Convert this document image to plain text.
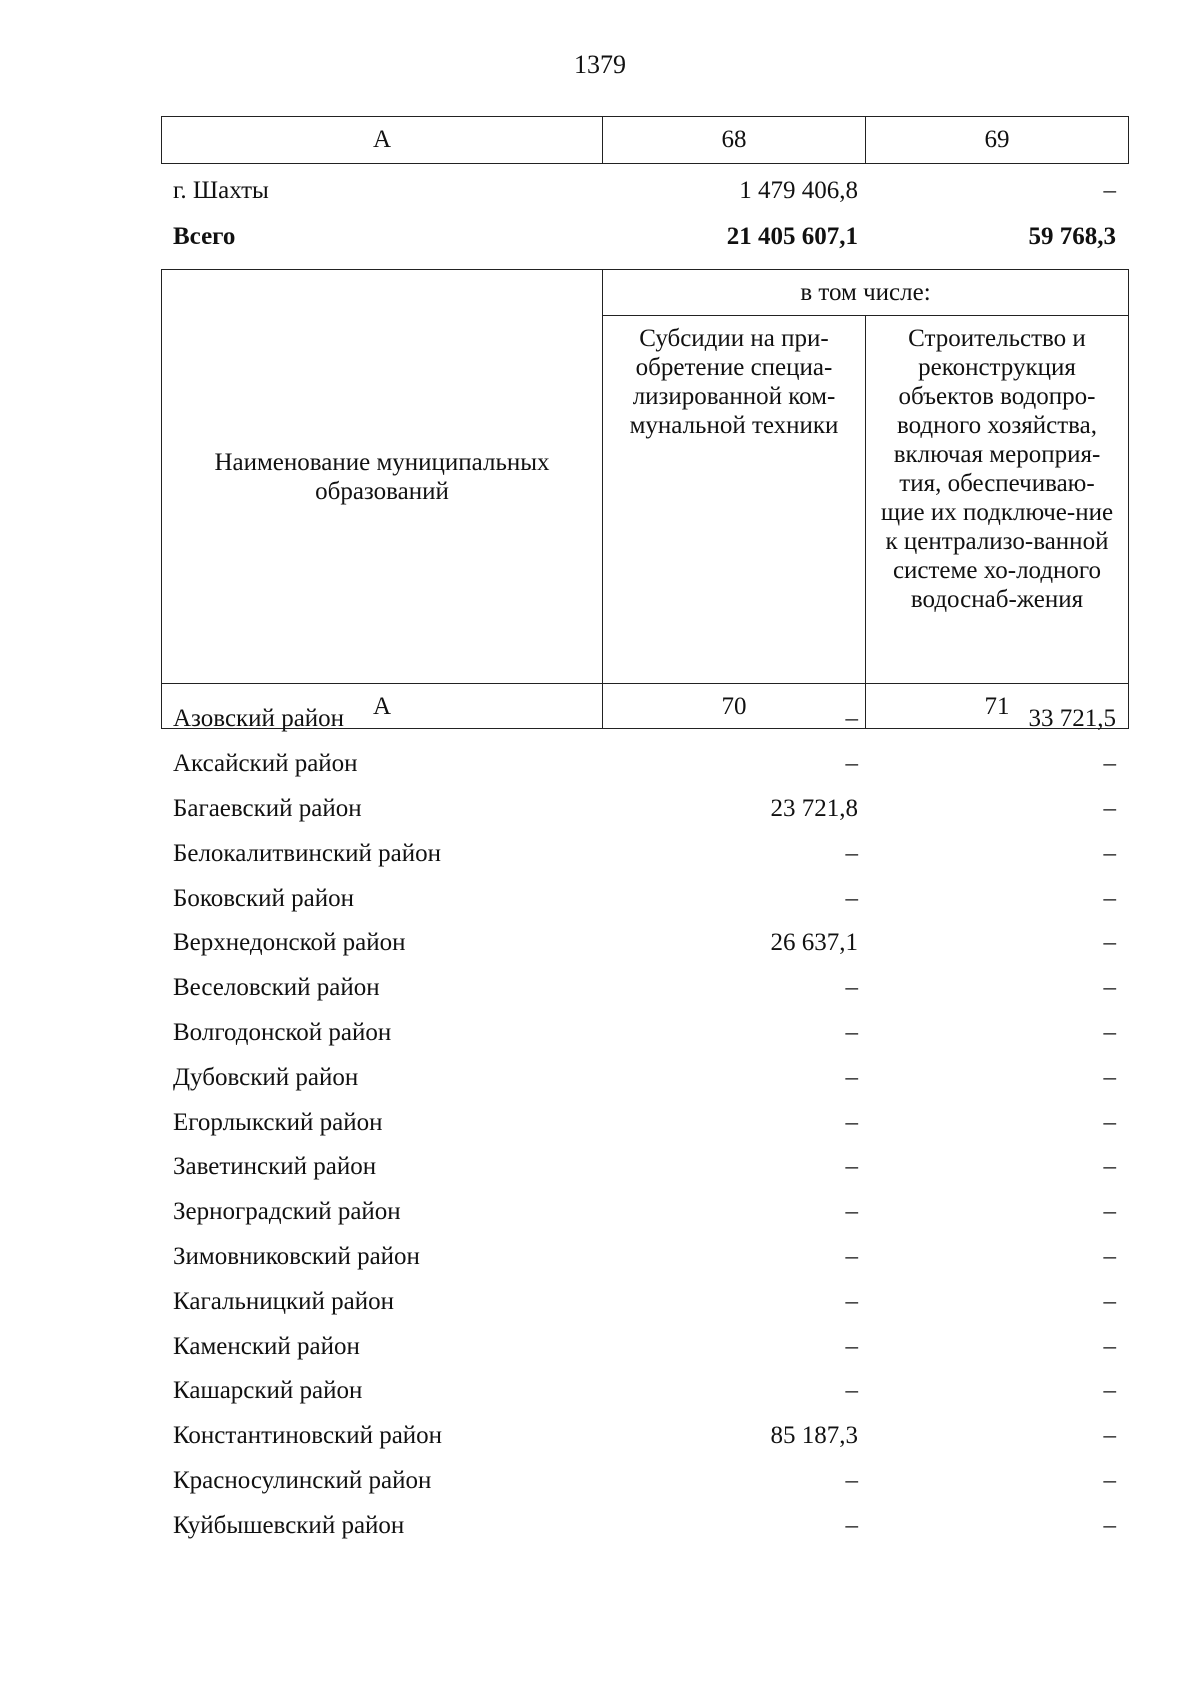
1379
А	68	69
г. Шахты	1 479 406,8	–
Всего	21 405 607,1	59 768,3
Наименование муниципальных образований	в том числе:	
	Субсидии на при-обретение специа-лизированной ком-мунальной техники	Строительство и реконструкция объектов водопро-водного хозяйства, включая мероприя-тия, обеспечиваю-щие их подключе-ние к централизо-ванной системе хо-лодного водоснаб-жения
А	70	71
Азовский район	–	33 721,5
Аксайский район	–	–
Багаевский район	23 721,8	–
Белокалитвинский район	–	–
Боковский район	–	–
Верхнедонской район	26 637,1	–
Веселовский район	–	–
Волгодонской район	–	–
Дубовский район	–	–
Егорлыкский район	–	–
Заветинский район	–	–
Зерноградский район	–	–
Зимовниковский район	–	–
Кагальницкий район	–	–
Каменский район	–	–
Кашарский район	–	–
Константиновский район	85 187,3	–
Красносулинский район	–	–
Куйбышевский район	–	–
